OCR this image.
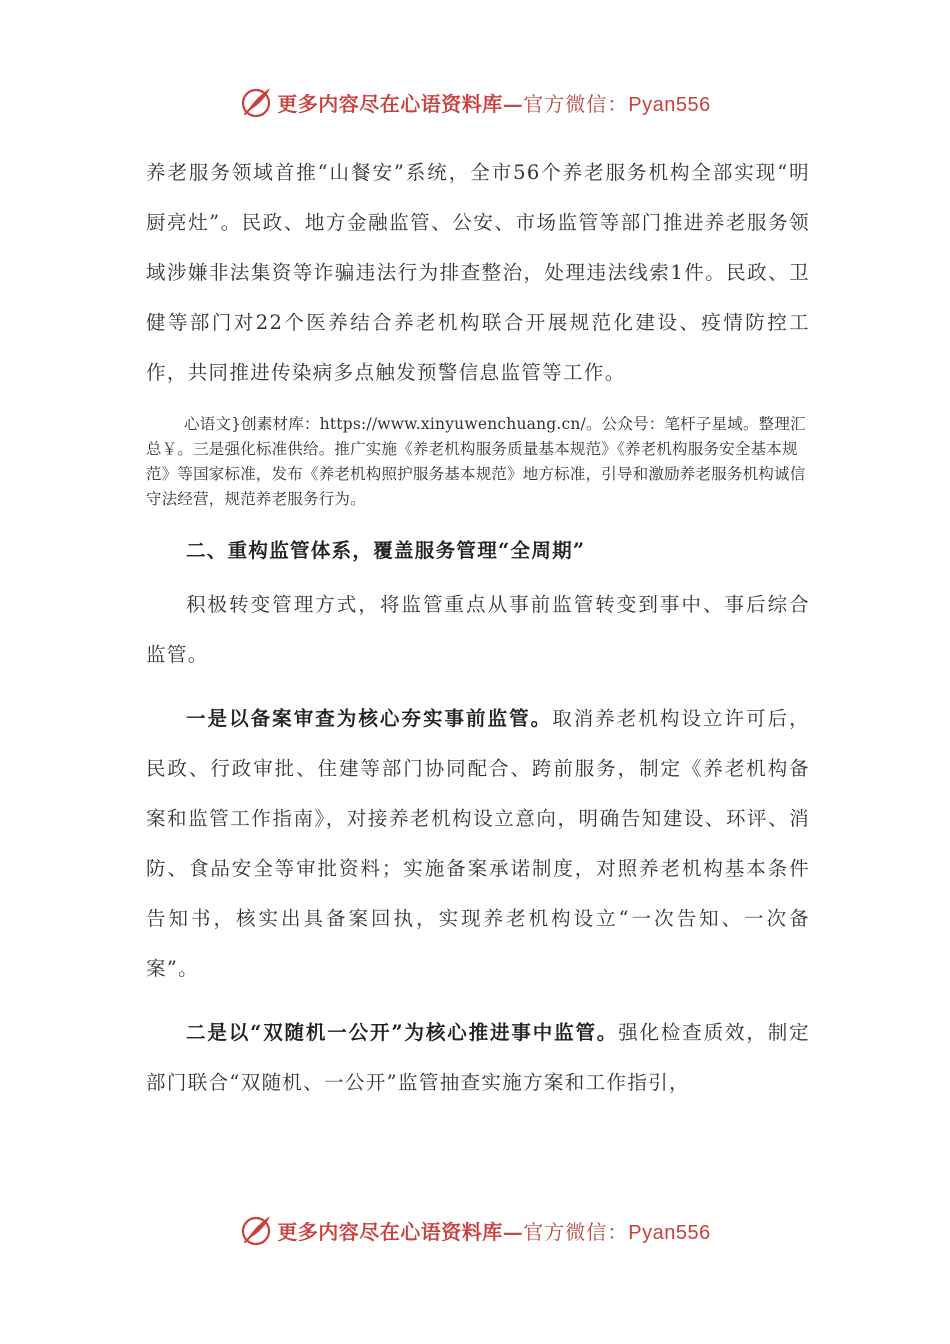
更多内容尽在心语资料库—官方微信：Pyan556

养老服务领域首推“山餐安”系统，全市56个养老服务机构全部实现“明厨亮灶”。民政、地方金融监管、公安、市场监管等部门推进养老服务领域涉嫌非法集资等诈骗违法行为排查整治，处理违法线索1件。民政、卫健等部门对22个医养结合养老机构联合开展规范化建设、疫情防控工作，共同推进传染病多点触发预警信息监管等工作。

心语文}创素材库：https://www.xinyuwenchuang.cn/。公众号：笔杆子星域。整理汇总￥。三是强化标准供给。推广实施《养老机构服务质量基本规范》《养老机构服务安全基本规范》等国家标准，发布《养老机构照护服务基本规范》地方标准，引导和激励养老服务机构诚信守法经营，规范养老服务行为。

二、重构监管体系，覆盖服务管理“全周期”

积极转变管理方式，将监管重点从事前监管转变到事中、事后综合监管。

一是以备案审查为核心夯实事前监管。取消养老机构设立许可后，民政、行政审批、住建等部门协同配合、跨前服务，制定《养老机构备案和监管工作指南》，对接养老机构设立意向，明确告知建设、环评、消防、食品安全等审批资料；实施备案承诺制度，对照养老机构基本条件告知书，核实出具备案回执，实现养老机构设立“一次告知、一次备案”。

二是以“双随机一公开”为核心推进事中监管。强化检查质效，制定部门联合“双随机、一公开”监管抽查实施方案和工作指引，

更多内容尽在心语资料库—官方微信：Pyan556
